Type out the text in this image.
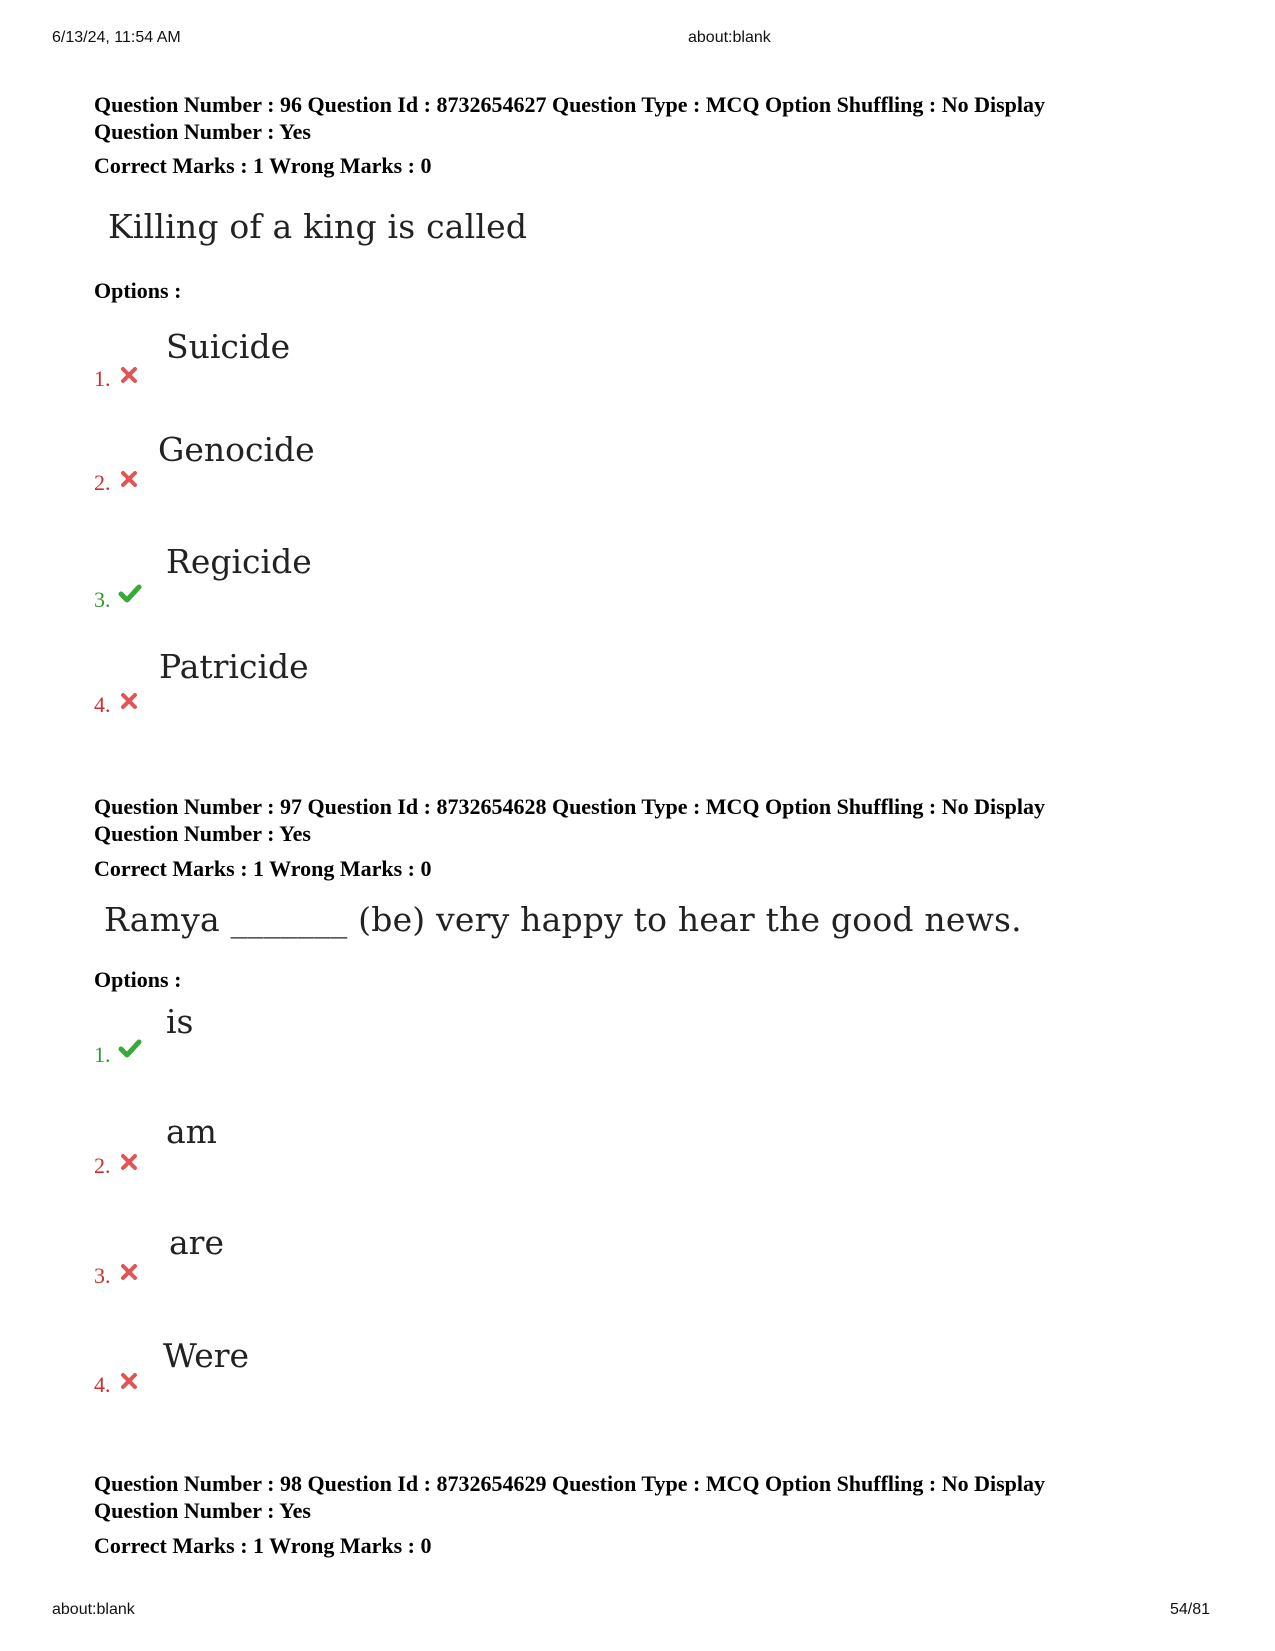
6/13/24, 11:54 AM	about:blank
Question Number : 96 Question Id : 8732654627 Question Type : MCQ Option Shuffling : No Display
Question Number : Yes
Correct Marks : 1 Wrong Marks : 0
Killing of a king is called
Options :
1.
Suicide
2.
Genocide
3.
Regicide
4.
Patricide
Question Number : 97 Question Id : 8732654628 Question Type : MCQ Option Shuffling : No Display
Question Number : Yes
Correct Marks : 1 Wrong Marks : 0
Ramya _______ (be) very happy to hear the good news.
Options :
1.
is
2.
am
3.
are
4.
Were
Question Number : 98 Question Id : 8732654629 Question Type : MCQ Option Shuffling : No Display
Question Number : Yes
Correct Marks : 1 Wrong Marks : 0
about:blank	54/81
